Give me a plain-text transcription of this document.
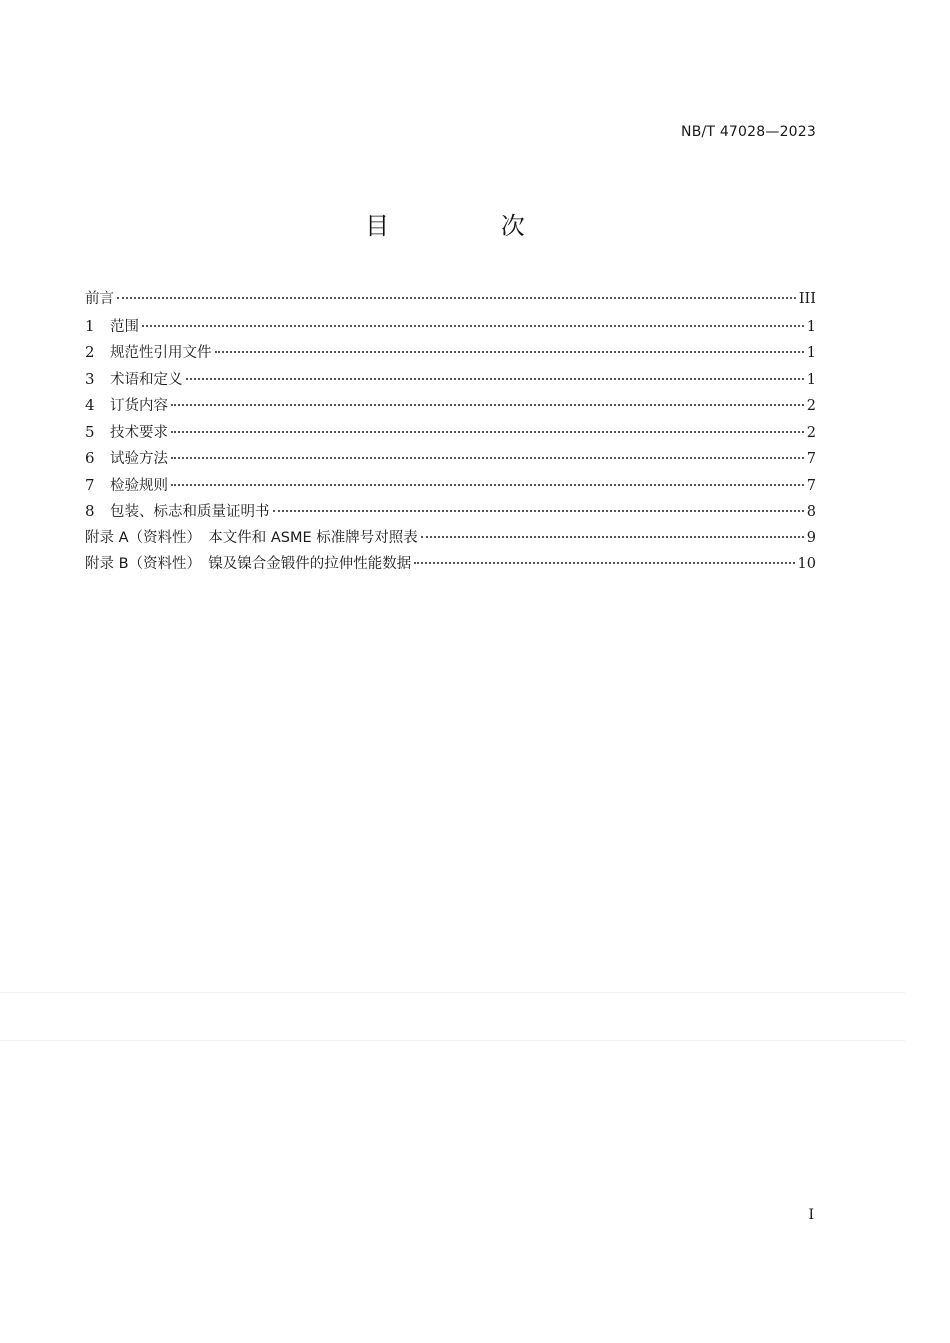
NB/T 47028—2023
目 次
前言	III
1	范围	1
2	规范性引用文件	1
3	术语和定义	1
4	订货内容	2
5	技术要求	2
6	试验方法	7
7	检验规则	7
8	包装、标志和质量证明书	8
附录 A（资料性）　本文件和 ASME 标准牌号对照表	9
附录 B（资料性）　镍及镍合金锻件的拉伸性能数据	10
I
